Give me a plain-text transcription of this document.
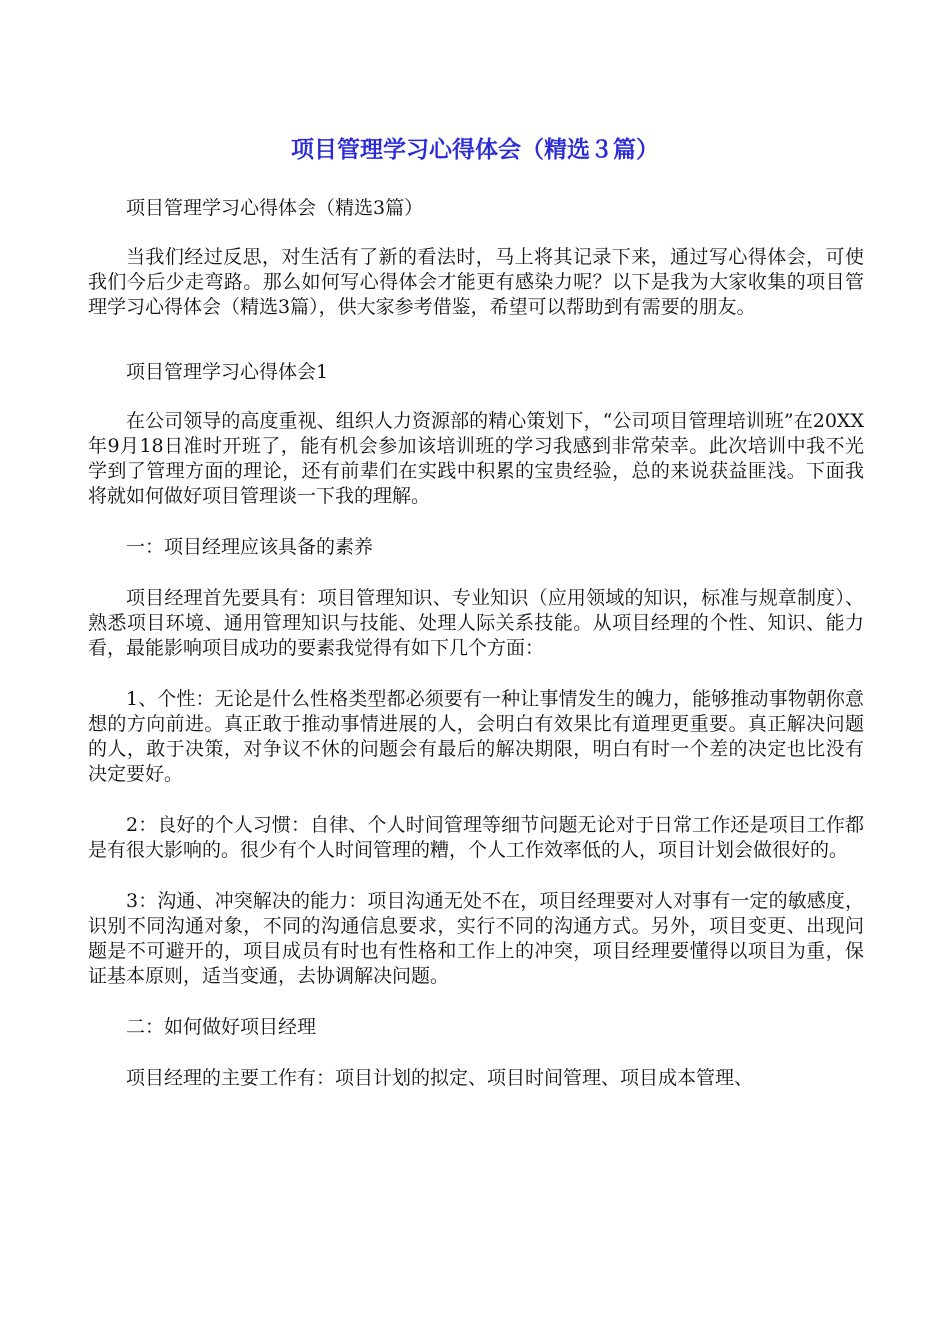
项目管理学习心得体会（精选３篇）

项目管理学习心得体会（精选3篇）

当我们经过反思，对生活有了新的看法时，马上将其记录下来，通过写心得体会，可使我们今后少走弯路。那么如何写心得体会才能更有感染力呢？以下是我为大家收集的项目管理学习心得体会（精选3篇），供大家参考借鉴，希望可以帮助到有需要的朋友。

项目管理学习心得体会1

在公司领导的高度重视、组织人力资源部的精心策划下，“公司项目管理培训班”在20XX年9月18日准时开班了，能有机会参加该培训班的学习我感到非常荣幸。此次培训中我不光学到了管理方面的理论，还有前辈们在实践中积累的宝贵经验，总的来说获益匪浅。下面我将就如何做好项目管理谈一下我的理解。

一：项目经理应该具备的素养

项目经理首先要具有：项目管理知识、专业知识（应用领域的知识，标准与规章制度）、熟悉项目环境、通用管理知识与技能、处理人际关系技能。从项目经理的个性、知识、能力看，最能影响项目成功的要素我觉得有如下几个方面：

1、个性：无论是什么性格类型都必须要有一种让事情发生的魄力，能够推动事物朝你意想的方向前进。真正敢于推动事情进展的人，会明白有效果比有道理更重要。真正解决问题的人，敢于决策，对争议不休的问题会有最后的解决期限，明白有时一个差的决定也比没有决定要好。

2：良好的个人习惯：自律、个人时间管理等细节问题无论对于日常工作还是项目工作都是有很大影响的。很少有个人时间管理的糟，个人工作效率低的人，项目计划会做很好的。

3：沟通、冲突解决的能力：项目沟通无处不在，项目经理要对人对事有一定的敏感度，识别不同沟通对象，不同的沟通信息要求，实行不同的沟通方式。另外，项目变更、出现问题是不可避开的，项目成员有时也有性格和工作上的冲突，项目经理要懂得以项目为重，保证基本原则，适当变通，去协调解决问题。

二：如何做好项目经理

项目经理的主要工作有：项目计划的拟定、项目时间管理、项目成本管理、
